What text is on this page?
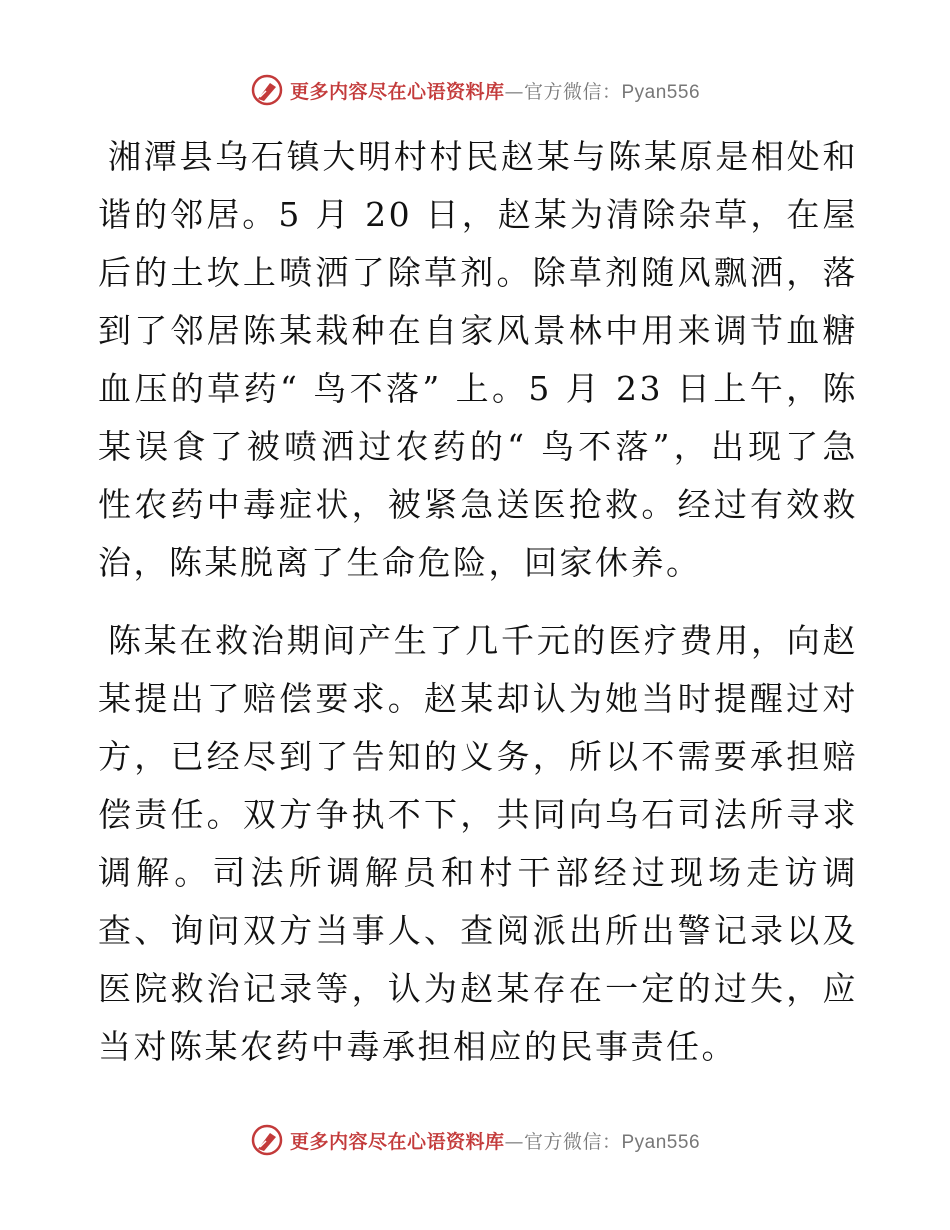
更多内容尽在心语资料库—官方微信：Pyan556

湘潭县乌石镇大明村村民赵某与陈某原是相处和谐的邻居。5 月 20 日，赵某为清除杂草，在屋后的土坎上喷洒了除草剂。除草剂随风飘洒，落到了邻居陈某栽种在自家风景林中用来调节血糖血压的草药“ 鸟不落” 上。5 月 23 日上午，陈某误食了被喷洒过农药的“ 鸟不落”，出现了急性农药中毒症状，被紧急送医抢救。经过有效救治，陈某脱离了生命危险，回家休养。

陈某在救治期间产生了几千元的医疗费用，向赵某提出了赔偿要求。赵某却认为她当时提醒过对方，已经尽到了告知的义务，所以不需要承担赔偿责任。双方争执不下，共同向乌石司法所寻求调解。司法所调解员和村干部经过现场走访调查、询问双方当事人、查阅派出所出警记录以及医院救治记录等，认为赵某存在一定的过失，应当对陈某农药中毒承担相应的民事责任。

更多内容尽在心语资料库—官方微信：Pyan556
